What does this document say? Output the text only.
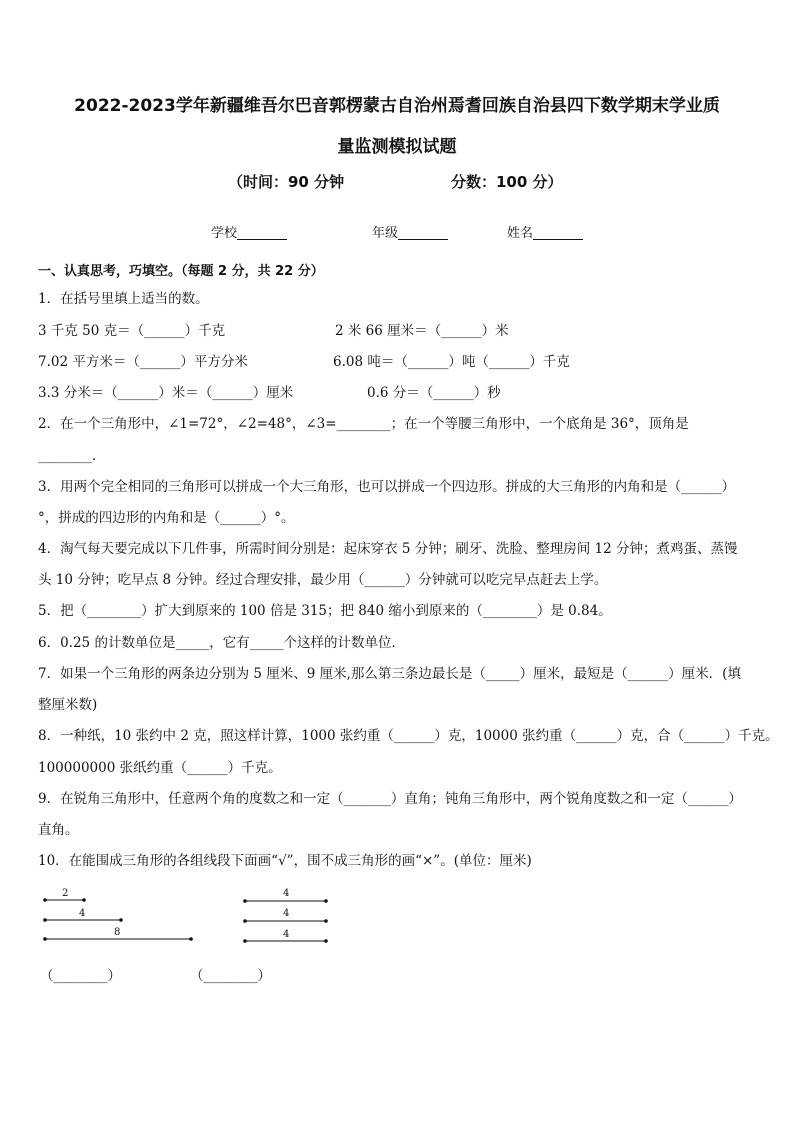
2022-2023学年新疆维吾尔巴音郭楞蒙古自治州焉耆回族自治县四下数学期末学业质
量监测模拟试题
（时间：90 分钟	分数：100 分）
学校	年级	姓名
一、认真思考，巧填空。（每题 2 分，共 22 分）
1．在括号里填上适当的数。
3 千克 50 克＝（______）千克	2 米 66 厘米＝（______）米
7.02 平方米＝（______）平方分米	6.08 吨＝（______）吨（______）千克
3.3 分米＝（______）米＝（______）厘米	0.6 分＝（______）秒
2．在一个三角形中，∠1=72°，∠2=48°，∠3=________；在一个等腰三角形中，一个底角是 36°，顶角是
________．
3．用两个完全相同的三角形可以拼成一个大三角形，也可以拼成一个四边形。拼成的大三角形的内角和是（______）
°，拼成的四边形的内角和是（______）°。
4．淘气每天要完成以下几件事，所需时间分别是：起床穿衣 5 分钟；刷牙、洗脸、整理房间 12 分钟；煮鸡蛋、蒸馒
头 10 分钟；吃早点 8 分钟。经过合理安排，最少用（______）分钟就可以吃完早点赶去上学。
5．把（________）扩大到原来的 100 倍是 315；把 840 缩小到原来的（________）是 0.84。
6．0.25 的计数单位是_____，它有_____个这样的计数单位．
7．如果一个三角形的两条边分别为 5 厘米、9 厘米,那么第三条边最长是（_____）厘米，最短是（______）厘米．(填
整厘米数)
8．一种纸，10 张约中 2 克，照这样计算，1000 张约重（______）克，10000 张约重（______）克，合（______）千克。
100000000 张纸约重（______）千克。
9．在锐角三角形中，任意两个角的度数之和一定（_______）直角；钝角三角形中，两个锐角度数之和一定（______）
直角。
10．在能围成三角形的各组线段下面画“√”，围不成三角形的画“×”。(单位：厘米)
2
4
8
4
4
4
（________）	（________）
